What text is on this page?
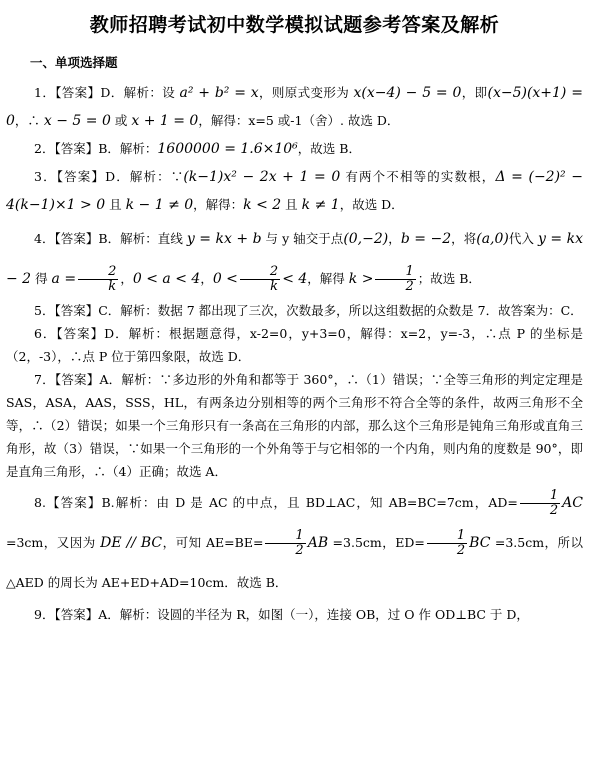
教师招聘考试初中数学模拟试题参考答案及解析
一、单项选择题

1．【答案】D．解析：设 a² + b² = x，则原式变形为 x(x−4) − 5 = 0，即(x−5)(x+1) = 0，∴ x − 5 = 0 或 x + 1 = 0，解得：x=5 或-1（舍）. 故选 D．

2．【答案】B．解析：1600000 = 1.6×10⁶，故选 B．

3．【答案】D．解析：∵(k−1)x² − 2x + 1 = 0 有两个不相等的实数根，Δ = (−2)² − 4(k−1)×1 > 0 且 k − 1 ≠ 0，解得：k < 2 且 k ≠ 1，故选 D．

4．【答案】B．解析：直线 y = kx + b 与 y 轴交于点(0,−2)，b = −2，将(a,0)代入 y = kx − 2 得 $a = \frac{2}{k}$ ，0 < a < 4，$0 < \frac{2}{k} < 4$，解得 $k > \frac{1}{2}$ ；故选 B．

5．【答案】C．解析：数据 7 都出现了三次，次数最多，所以这组数据的众数是 7．故答案为：C．

6．【答案】D．解析：根据题意得，x-2=0，y+3=0，解得：x=2，y=-3，∴点 P 的坐标是（2，-3），∴点 P 位于第四象限，故选 D．

7．【答案】A．解析：∵多边形的外角和都等于 360°，∴（1）错误；∵全等三角形的判定定理是 SAS，ASA，AAS，SSS，HL，有两条边分别相等的两个三角形不符合全等的条件，故两三角形不全等，∴（2）错误；如果一个三角形只有一条高在三角形的内部，那么这个三角形是钝角三角形或直角三角形，故（3）错误，∵如果一个三角形的一个外角等于与它相邻的一个内角，则内角的度数是 90°，即是直角三角形，∴（4）正确；故选 A．

8.【答案】B.解析：由 D 是 AC 的中点，且 BD⊥AC，知 AB=BC=7cm，$AD= \frac{1}{2}$ AC =3cm，又因为 DE // BC，可知 $AE=BE= \frac{1}{2}$ AB =3.5cm，$ED= \frac{1}{2}$ BC =3.5cm，所以△AED 的周长为 AE+ED+AD=10cm．故选 B．

9．【答案】A．解析：设圆的半径为 R，如图（一），连接 OB，过 O 作 OD⊥BC 于 D，
